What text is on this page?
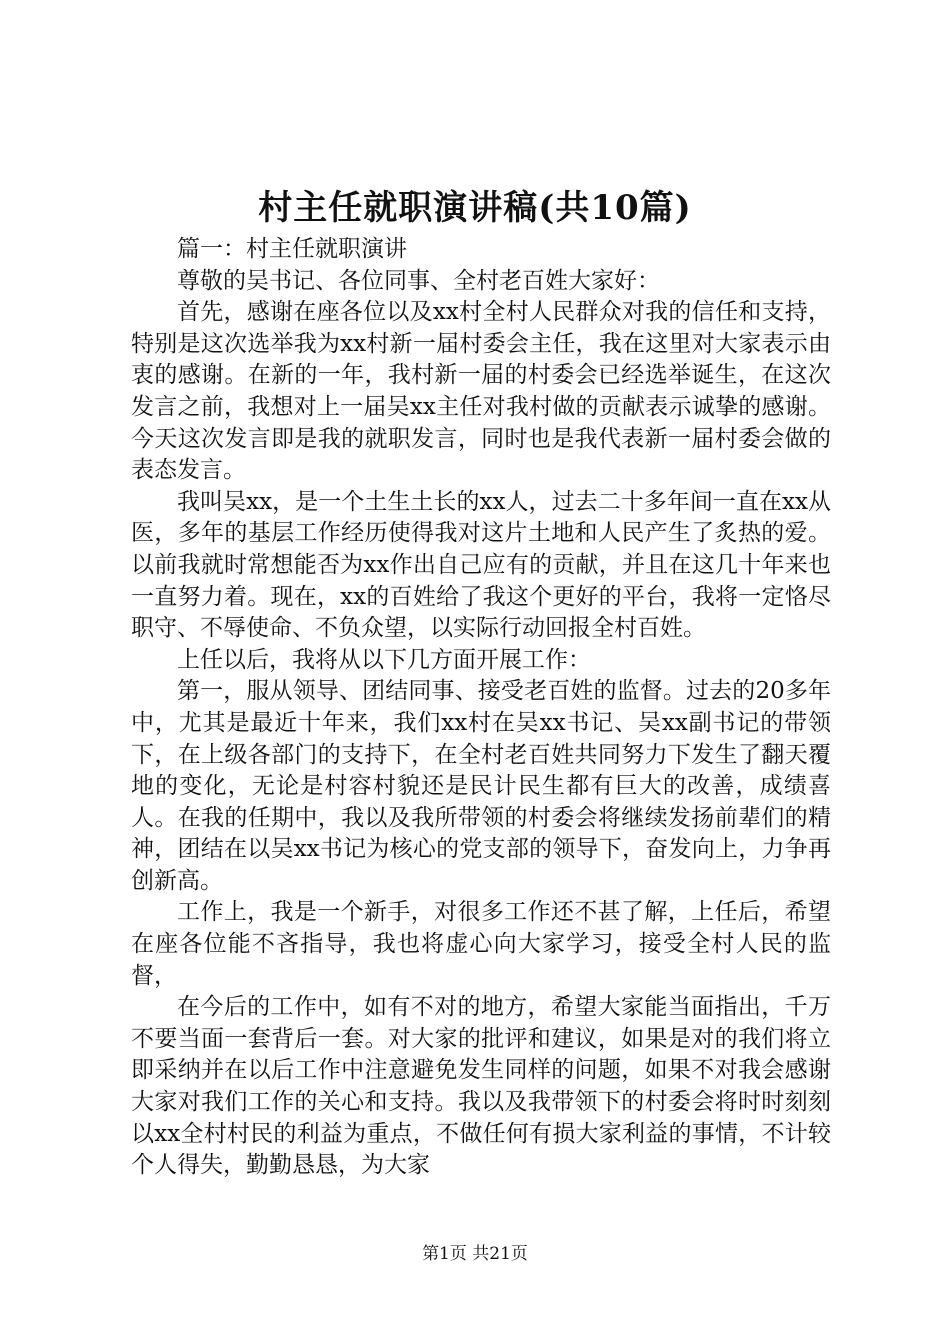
村主任就职演讲稿(共10篇)

篇一：村主任就职演讲

尊敬的吴书记、各位同事、全村老百姓大家好：

首先，感谢在座各位以及xx村全村人民群众对我的信任和支持，特别是这次选举我为xx村新一届村委会主任，我在这里对大家表示由衷的感谢。在新的一年，我村新一届的村委会已经选举诞生，在这次发言之前，我想对上一届吴xx主任对我村做的贡献表示诚挚的感谢。今天这次发言即是我的就职发言，同时也是我代表新一届村委会做的表态发言。

我叫吴xx，是一个土生土长的xx人，过去二十多年间一直在xx从医，多年的基层工作经历使得我对这片土地和人民产生了炙热的爱。以前我就时常想能否为xx作出自己应有的贡献，并且在这几十年来也一直努力着。现在，xx的百姓给了我这个更好的平台，我将一定恪尽职守、不辱使命、不负众望，以实际行动回报全村百姓。

上任以后，我将从以下几方面开展工作：

第一，服从领导、团结同事、接受老百姓的监督。过去的20多年中，尤其是最近十年来，我们xx村在吴xx书记、吴xx副书记的带领下，在上级各部门的支持下，在全村老百姓共同努力下发生了翻天覆地的变化，无论是村容村貌还是民计民生都有巨大的改善，成绩喜人。在我的任期中，我以及我所带领的村委会将继续发扬前辈们的精神，团结在以吴xx书记为核心的党支部的领导下，奋发向上，力争再创新高。

工作上，我是一个新手，对很多工作还不甚了解，上任后，希望在座各位能不吝指导，我也将虚心向大家学习，接受全村人民的监督，

在今后的工作中，如有不对的地方，希望大家能当面指出，千万不要当面一套背后一套。对大家的批评和建议，如果是对的我们将立即采纳并在以后工作中注意避免发生同样的问题，如果不对我会感谢大家对我们工作的关心和支持。我以及我带领下的村委会将时时刻刻以xx全村村民的利益为重点，不做任何有损大家利益的事情，不计较个人得失，勤勤恳恳，为大家

第1页 共21页
